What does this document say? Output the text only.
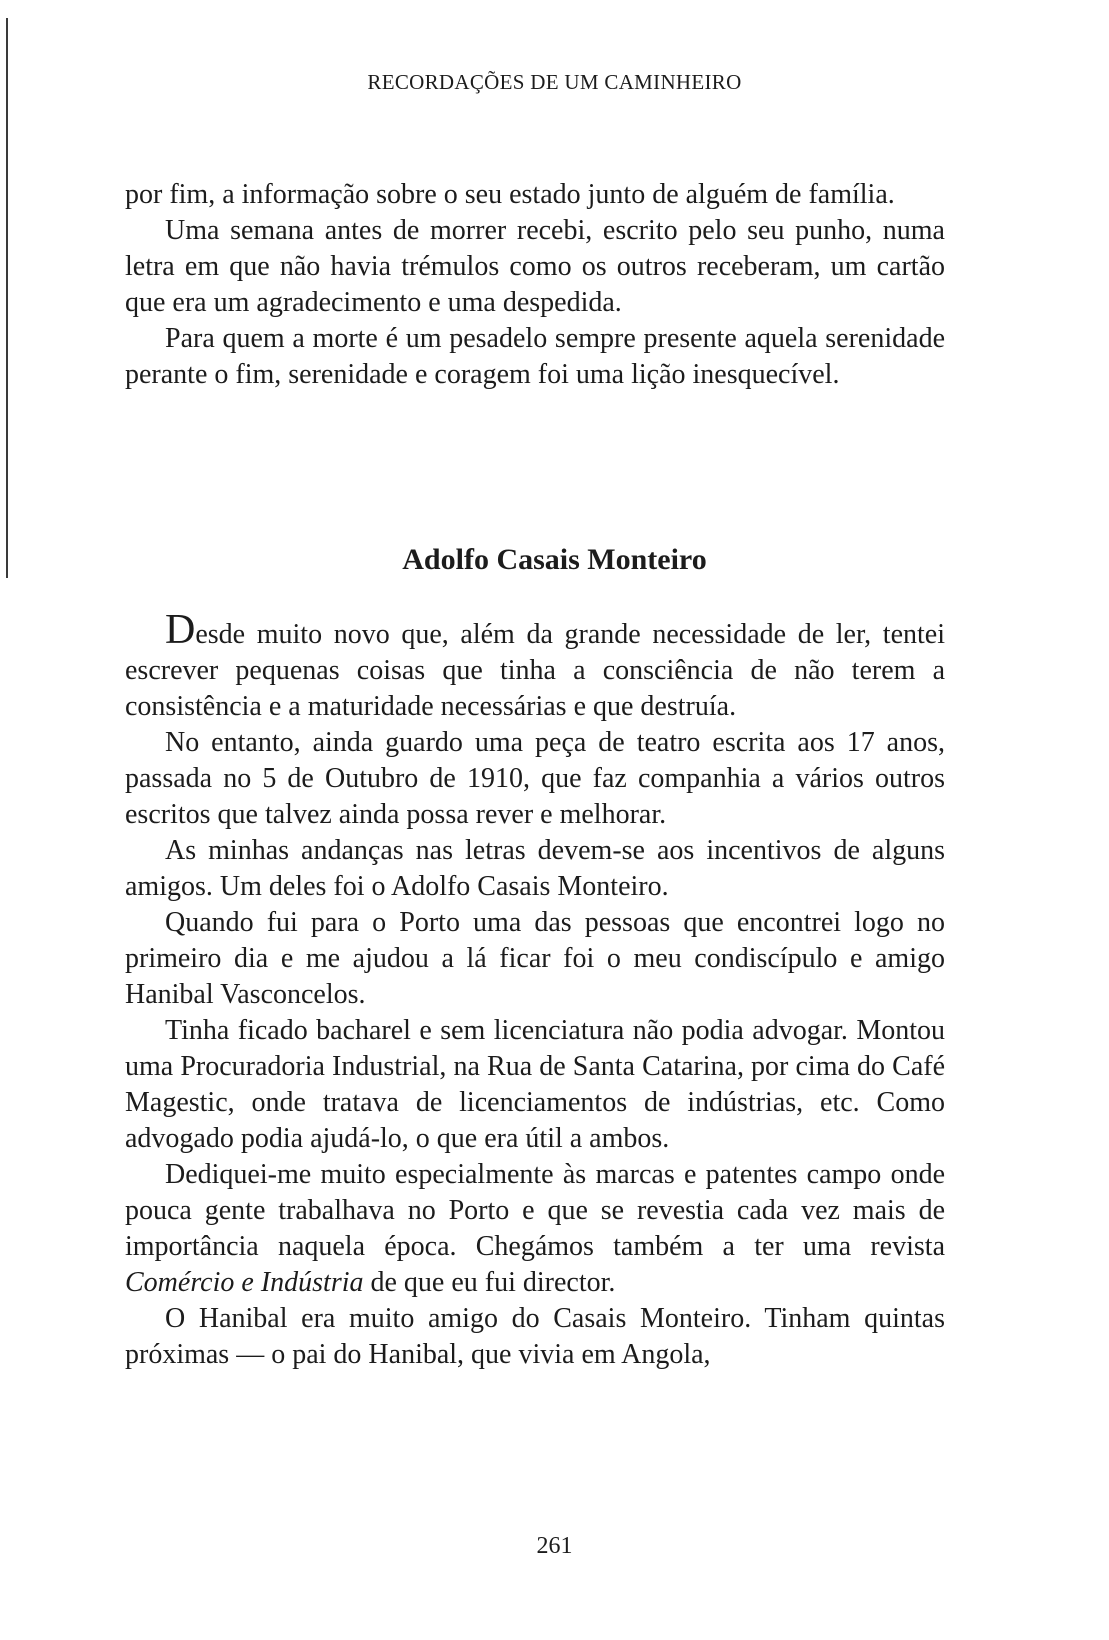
RECORDAÇÕES DE UM CAMINHEIRO

por fim, a informação sobre o seu estado junto de alguém de família.

Uma semana antes de morrer recebi, escrito pelo seu punho, numa letra em que não havia trémulos como os outros receberam, um cartão que era um agradecimento e uma despedida.

Para quem a morte é um pesadelo sempre presente aquela serenidade perante o fim, serenidade e coragem foi uma lição inesquecível.

Adolfo Casais Monteiro

Desde muito novo que, além da grande necessidade de ler, tentei escrever pequenas coisas que tinha a consciência de não terem a consistência e a maturidade necessárias e que destruía.

No entanto, ainda guardo uma peça de teatro escrita aos 17 anos, passada no 5 de Outubro de 1910, que faz companhia a vários outros escritos que talvez ainda possa rever e melhorar.

As minhas andanças nas letras devem-se aos incentivos de alguns amigos. Um deles foi o Adolfo Casais Monteiro.

Quando fui para o Porto uma das pessoas que encontrei logo no primeiro dia e me ajudou a lá ficar foi o meu condiscípulo e amigo Hanibal Vasconcelos.

Tinha ficado bacharel e sem licenciatura não podia advogar. Montou uma Procuradoria Industrial, na Rua de Santa Catarina, por cima do Café Magestic, onde tratava de licenciamentos de indústrias, etc. Como advogado podia ajudá-lo, o que era útil a ambos.

Dediquei-me muito especialmente às marcas e patentes campo onde pouca gente trabalhava no Porto e que se revestia cada vez mais de importância naquela época. Chegámos também a ter uma revista Comércio e Indústria de que eu fui director.

O Hanibal era muito amigo do Casais Monteiro. Tinham quintas próximas — o pai do Hanibal, que vivia em Angola,

261
